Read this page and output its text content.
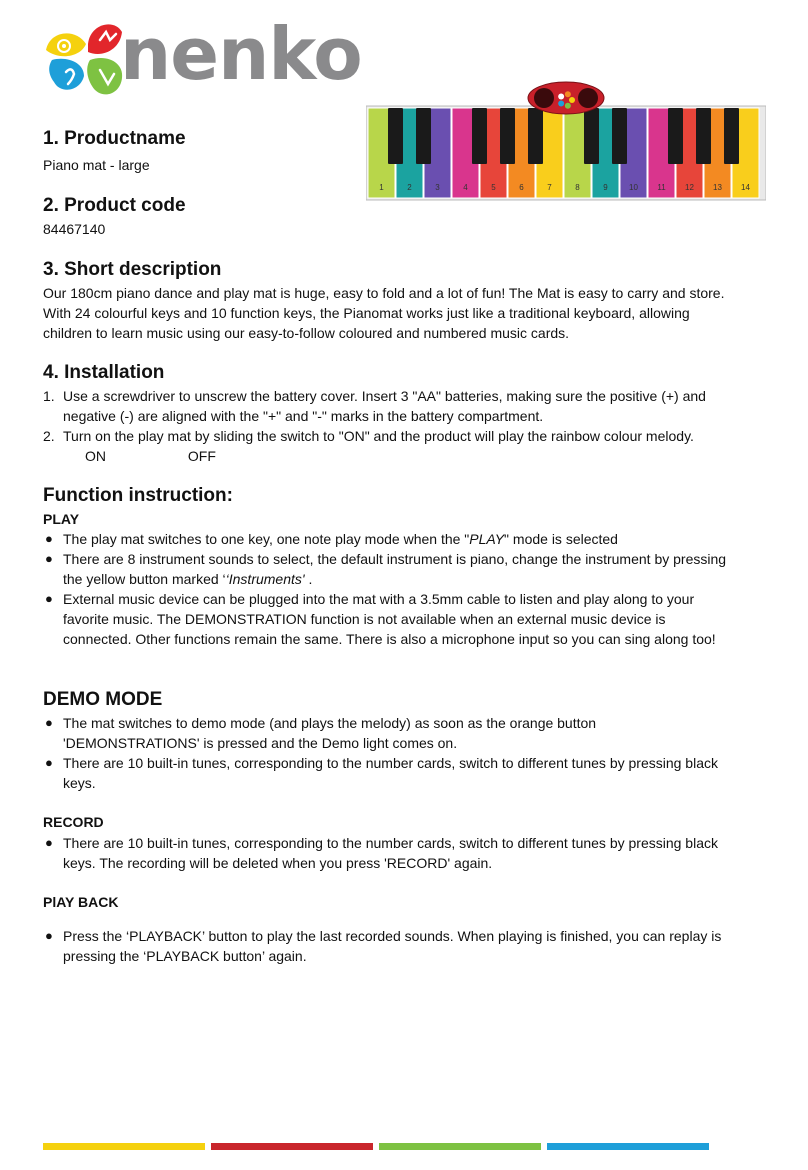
nenko
1	2	3	4	5	6	7	8	9	10 11 12 13 14
1. Productname
Piano mat - large
2. Product code
84467140
3. Short description

Our 180cm piano dance and play mat is huge, easy to fold and a lot of fun! The Mat is easy to carry and store. With 24 colourful keys and 10 function keys, the Pianomat works just like a traditional keyboard, allowing children to learn music using our easy-to-follow coloured and numbered music cards.

4. Installation
1. Use a screwdriver to unscrew the battery cover. Insert 3 "AA" batteries, making sure the positive (+) and negative (-) are aligned with the "+" and "-" marks in the battery compartment.
2. Turn on the play mat by sliding the switch to "ON" and the product will play the rainbow colour melody. ON	OFF
Function instruction:
PLAY
● The play mat switches to one key, one note play mode when the "PLAY" mode is selected
● There are 8 instrument sounds to select, the default instrument is piano, change the instrument by pressing the yellow button marked ‘‘Instruments' .
● External music device can be plugged into the mat with a 3.5mm cable to listen and play along to your favorite music. The DEMONSTRATION function is not available when an external music device is connected. Other functions remain the same. There is also a microphone input so you can sing along too!
DEMO MODE
● The mat switches to demo mode (and plays the melody) as soon as the orange button 'DEMONSTRATIONS' is pressed and the Demo light comes on.
● There are 10 built-in tunes, corresponding to the number cards, switch to different tunes by pressing black keys.
RECORD
● There are 10 built-in tunes, corresponding to the number cards, switch to different tunes by pressing black keys. The recording will be deleted when you press 'RECORD' again.
PlAY BACK
● Press the ‘PLAYBACK’ button to play the last recorded sounds. When playing is finished, you can replay is pressing the ‘PLAYBACK button’ again.
